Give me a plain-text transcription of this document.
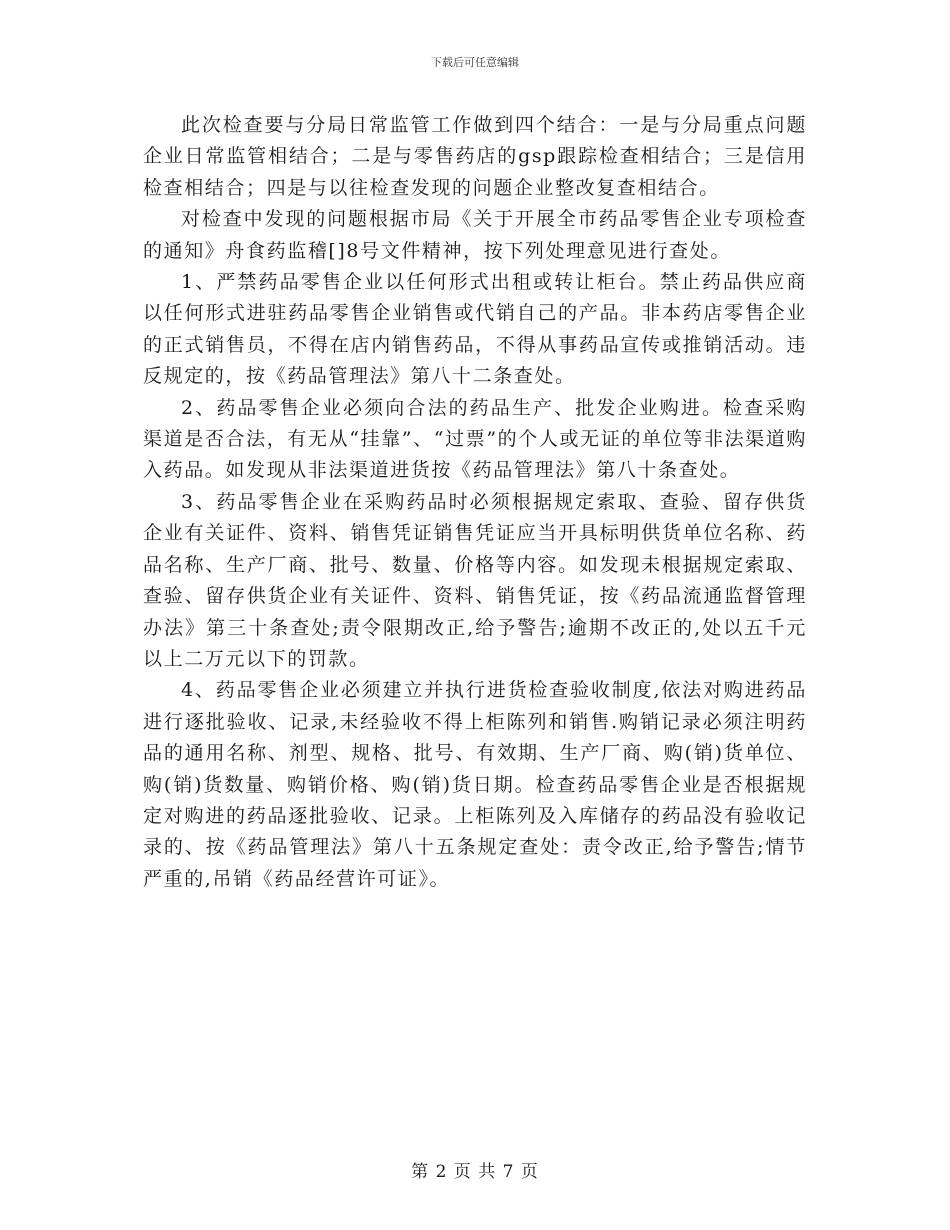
下载后可任意编辑

此次检查要与分局日常监管工作做到四个结合：一是与分局重点问题企业日常监管相结合；二是与零售药店的gsp跟踪检查相结合；三是信用检查相结合；四是与以往检查发现的问题企业整改复查相结合。

对检查中发现的问题根据市局《关于开展全市药品零售企业专项检查的通知》舟食药监稽[]8号文件精神，按下列处理意见进行查处。

1、严禁药品零售企业以任何形式出租或转让柜台。禁止药品供应商以任何形式进驻药品零售企业销售或代销自己的产品。非本药店零售企业的正式销售员，不得在店内销售药品，不得从事药品宣传或推销活动。违反规定的，按《药品管理法》第八十二条查处。

2、药品零售企业必须向合法的药品生产、批发企业购进。检查采购渠道是否合法，有无从“挂靠”、“过票”的个人或无证的单位等非法渠道购入药品。如发现从非法渠道进货按《药品管理法》第八十条查处。

3、药品零售企业在采购药品时必须根据规定索取、查验、留存供货企业有关证件、资料、销售凭证销售凭证应当开具标明供货单位名称、药品名称、生产厂商、批号、数量、价格等内容。如发现未根据规定索取、查验、留存供货企业有关证件、资料、销售凭证，按《药品流通监督管理办法》第三十条查处;责令限期改正,给予警告;逾期不改正的,处以五千元以上二万元以下的罚款。

4、药品零售企业必须建立并执行进货检查验收制度,依法对购进药品进行逐批验收、记录,未经验收不得上柜陈列和销售.购销记录必须注明药品的通用名称、剂型、规格、批号、有效期、生产厂商、购(销)货单位、购(销)货数量、购销价格、购(销)货日期。检查药品零售企业是否根据规定对购进的药品逐批验收、记录。上柜陈列及入库储存的药品没有验收记录的、按《药品管理法》第八十五条规定查处：责令改正,给予警告;情节严重的,吊销《药品经营许可证》。

第 2 页 共 7 页
